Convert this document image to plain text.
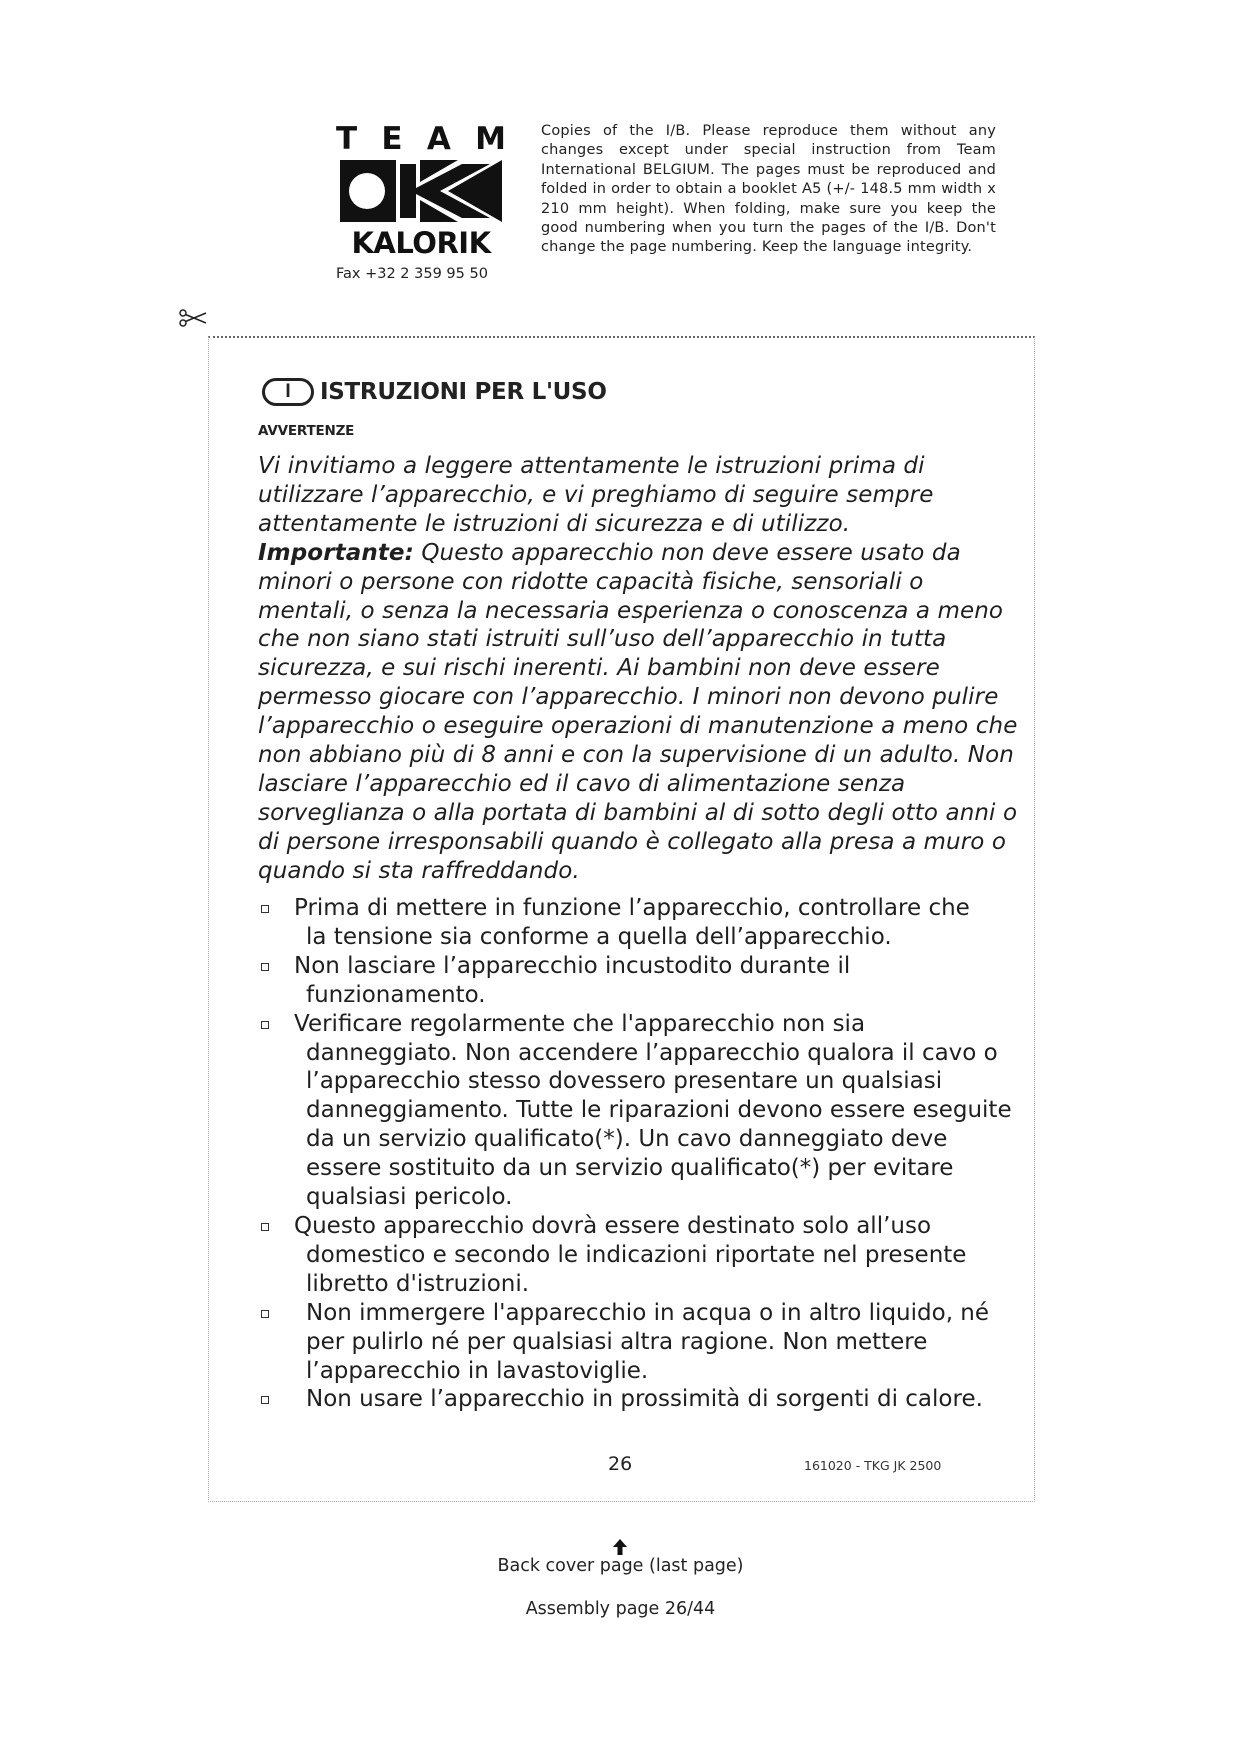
T E A M
KALORIK
Fax +32 2 359 95 50
Copies of the I/B. Please reproduce them without any changes except under special instruction from Team International BELGIUM. The pages must be reproduced and folded in order to obtain a booklet A5 (+/- 148.5 mm width x 210 mm height). When folding, make sure you keep the good numbering when you turn the pages of the I/B. Don't change the page numbering. Keep the language integrity.
I	ISTRUZIONI PER L'USO
AVVERTENZE

Vi invitiamo a leggere attentamente le istruzioni prima di utilizzare l’apparecchio, e vi preghiamo di seguire sempre attentamente le istruzioni di sicurezza e di utilizzo.
Importante: Questo apparecchio non deve essere usato da minori o persone con ridotte capacità fisiche, sensoriali o mentali, o senza la necessaria esperienza o conoscenza a meno che non siano stati istruiti sull’uso dell’apparecchio in tutta sicurezza, e sui rischi inerenti. Ai bambini non deve essere permesso giocare con l’apparecchio. I minori non devono pulire l’apparecchio o eseguire operazioni di manutenzione a meno che non abbiano più di 8 anni e con la supervisione di un adulto. Non lasciare l’apparecchio ed il cavo di alimentazione senza sorveglianza o alla portata di bambini al di sotto degli otto anni o di persone irresponsabili quando è collegato alla presa a muro o quando si sta raffreddando.

Prima di mettere in funzione l’apparecchio, controllare che
la tensione sia conforme a quella dell’apparecchio.
Non lasciare l’apparecchio incustodito durante il
funzionamento.
Verificare regolarmente che l'apparecchio non sia
danneggiato. Non accendere l’apparecchio qualora il cavo o l’apparecchio stesso dovessero presentare un qualsiasi danneggiamento. Tutte le riparazioni devono essere eseguite da un servizio qualificato(*). Un cavo danneggiato deve essere sostituito da un servizio qualificato(*) per evitare qualsiasi pericolo.
Questo apparecchio dovrà essere destinato solo all’uso
domestico e secondo le indicazioni riportate nel presente libretto d'istruzioni.
Non immergere l'apparecchio in acqua o in altro liquido, né
per pulirlo né per qualsiasi altra ragione. Non mettere l’apparecchio in lavastoviglie.
Non usare l’apparecchio in prossimità di sorgenti di calore.
26	161020 - TKG JK 2500
Back cover page (last page)
Assembly page 26/44
